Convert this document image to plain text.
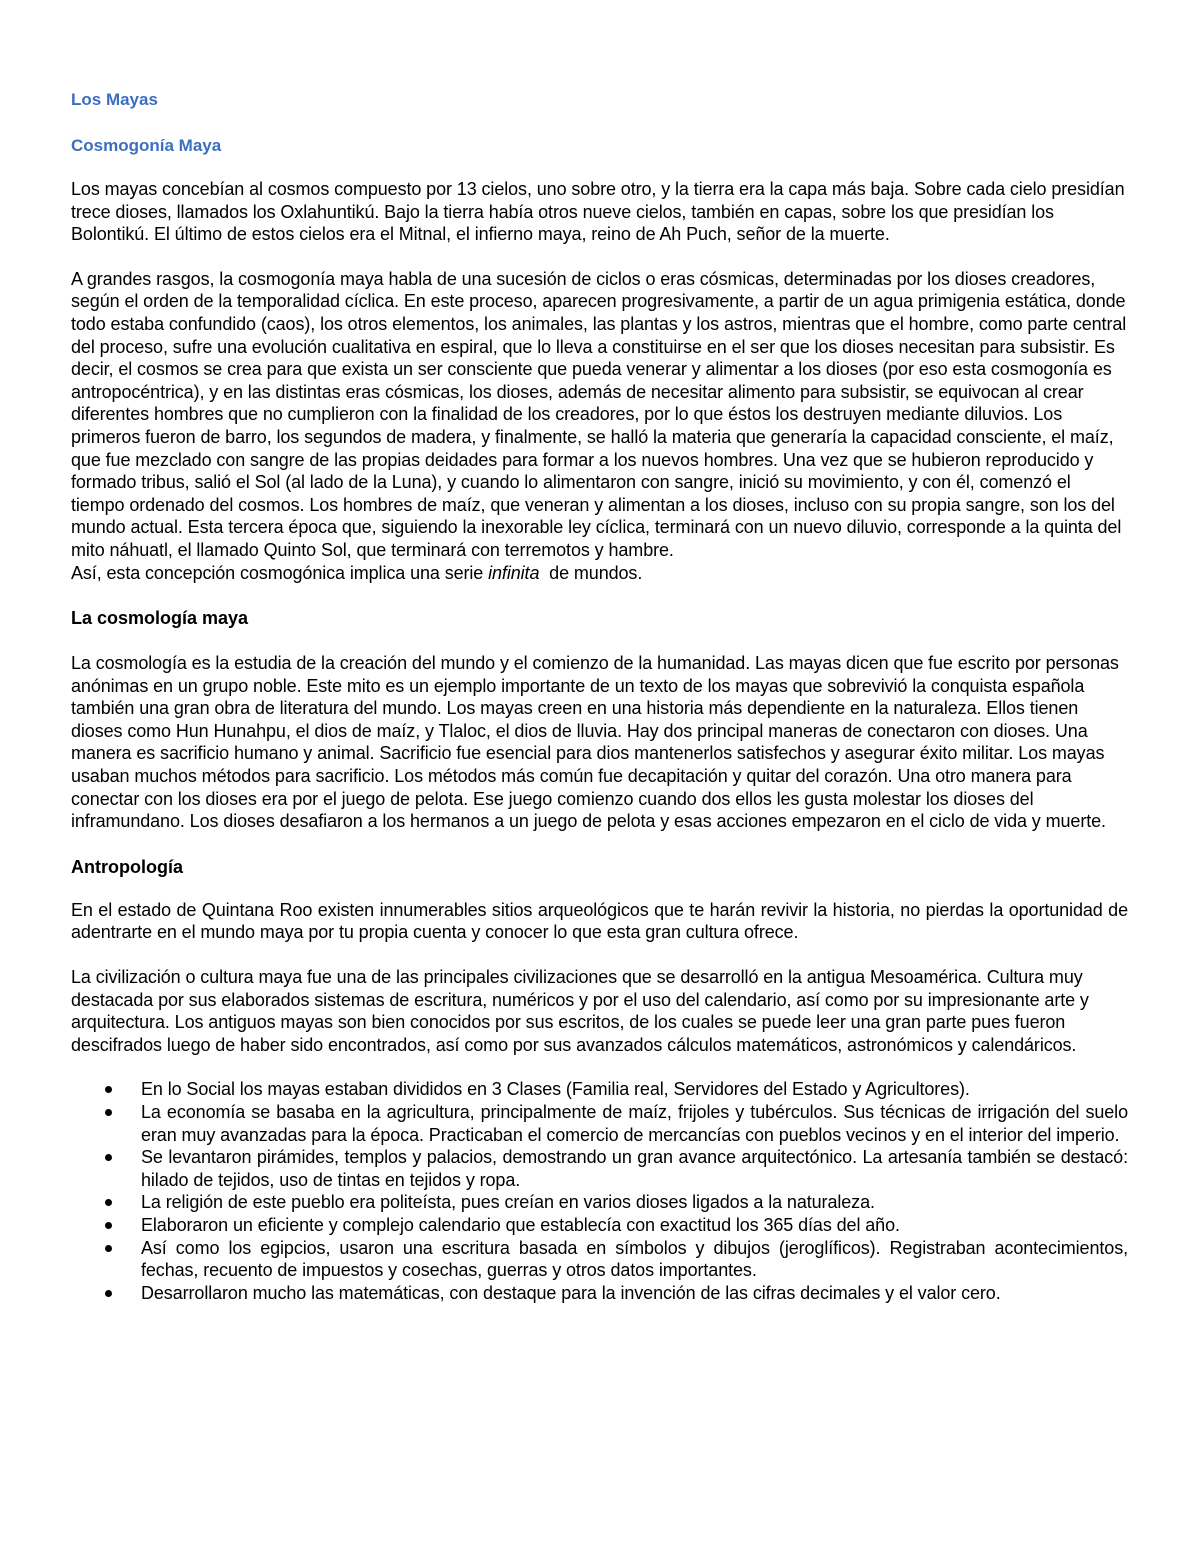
Los Mayas
Cosmogonía Maya

Los mayas concebían al cosmos compuesto por 13 cielos, uno sobre otro, y la tierra era la capa más baja. Sobre cada cielo presidían trece dioses, llamados los Oxlahuntikú. Bajo la tierra había otros nueve cielos, también en capas, sobre los que presidían los Bolontikú. El último de estos cielos era el Mitnal, el infierno maya, reino de Ah Puch, señor de la muerte.

A grandes rasgos, la cosmogonía maya habla de una sucesión de ciclos o eras cósmicas, determinadas por los dioses creadores, según el orden de la temporalidad cíclica. En este proceso, aparecen progresivamente, a partir de un agua primigenia estática, donde todo estaba confundido (caos), los otros elementos, los animales, las plantas y los astros, mientras que el hombre, como parte central del proceso, sufre una evolución cualitativa en espiral, que lo lleva a constituirse en el ser que los dioses necesitan para subsistir. Es decir, el cosmos se crea para que exista un ser consciente que pueda venerar y alimentar a los dioses (por eso esta cosmogonía es antropocéntrica), y en las distintas eras cósmicas, los dioses, además de necesitar alimento para subsistir, se equivocan al crear diferentes hombres que no cumplieron con la finalidad de los creadores, por lo que éstos los destruyen mediante diluvios. Los primeros fueron de barro, los segundos de madera, y finalmente, se halló la materia que generaría la capacidad consciente, el maíz, que fue mezclado con sangre de las propias deidades para formar a los nuevos hombres. Una vez que se hubieron reproducido y formado tribus, salió el Sol (al lado de la Luna), y cuando lo alimentaron con sangre, inició su movimiento, y con él, comenzó el tiempo ordenado del cosmos. Los hombres de maíz, que veneran y alimentan a los dioses, incluso con su propia sangre, son los del mundo actual. Esta tercera época que, siguiendo la inexorable ley cíclica, terminará con un nuevo diluvio, corresponde a la quinta del mito náhuatl, el llamado Quinto Sol, que terminará con terremotos y hambre.
Así, esta concepción cosmogónica implica una serie infinita  de mundos.

La cosmología maya

La cosmología es la estudia de la creación del mundo y el comienzo de la humanidad. Las mayas dicen que fue escrito por personas anónimas en un grupo noble. Este mito es un ejemplo importante de un texto de los mayas que sobrevivió la conquista española también una gran obra de literatura del mundo. Los mayas creen en una historia más dependiente en la naturaleza. Ellos tienen dioses como Hun Hunahpu, el dios de maíz, y Tlaloc, el dios de lluvia. Hay dos principal maneras de conectaron con dioses. Una manera es sacrificio humano y animal. Sacrificio fue esencial para dios mantenerlos satisfechos y asegurar éxito militar. Los mayas usaban muchos métodos para sacrificio. Los métodos más común fue decapitación y quitar del corazón. Una otro manera para conectar con los dioses era por el juego de pelota. Ese juego comienzo cuando dos ellos les gusta molestar los dioses del inframundano. Los dioses desafiaron a los hermanos a un juego de pelota y esas acciones empezaron en el ciclo de vida y muerte.

Antropología

En el estado de Quintana Roo existen innumerables sitios arqueológicos que te harán revivir la historia, no pierdas la oportunidad de adentrarte en el mundo maya por tu propia cuenta y conocer lo que esta gran cultura ofrece.

La civilización o cultura maya fue una de las principales civilizaciones que se desarrolló en la antigua Mesoamérica. Cultura muy destacada por sus elaborados sistemas de escritura, numéricos y por el uso del calendario, así como por su impresionante arte y arquitectura. Los antiguos mayas son bien conocidos por sus escritos, de los cuales se puede leer una gran parte pues fueron descifrados luego de haber sido encontrados, así como por sus avanzados cálculos matemáticos, astronómicos y calendáricos.

En lo Social los mayas estaban divididos en 3 Clases (Familia real, Servidores del Estado y Agricultores).
La economía se basaba en la agricultura, principalmente de maíz, frijoles y tubérculos. Sus técnicas de irrigación del suelo eran muy avanzadas para la época. Practicaban el comercio de mercancías con pueblos vecinos y en el interior del imperio.
Se levantaron pirámides, templos y palacios, demostrando un gran avance arquitectónico. La artesanía también se destacó: hilado de tejidos, uso de tintas en tejidos y ropa.
La religión de este pueblo era politeísta, pues creían en varios dioses ligados a la naturaleza.
Elaboraron un eficiente y complejo calendario que establecía con exactitud los 365 días del año.
Así como los egipcios, usaron una escritura basada en símbolos y dibujos (jeroglíficos). Registraban acontecimientos, fechas, recuento de impuestos y cosechas, guerras y otros datos importantes.
Desarrollaron mucho las matemáticas, con destaque para la invención de las cifras decimales y el valor cero.
